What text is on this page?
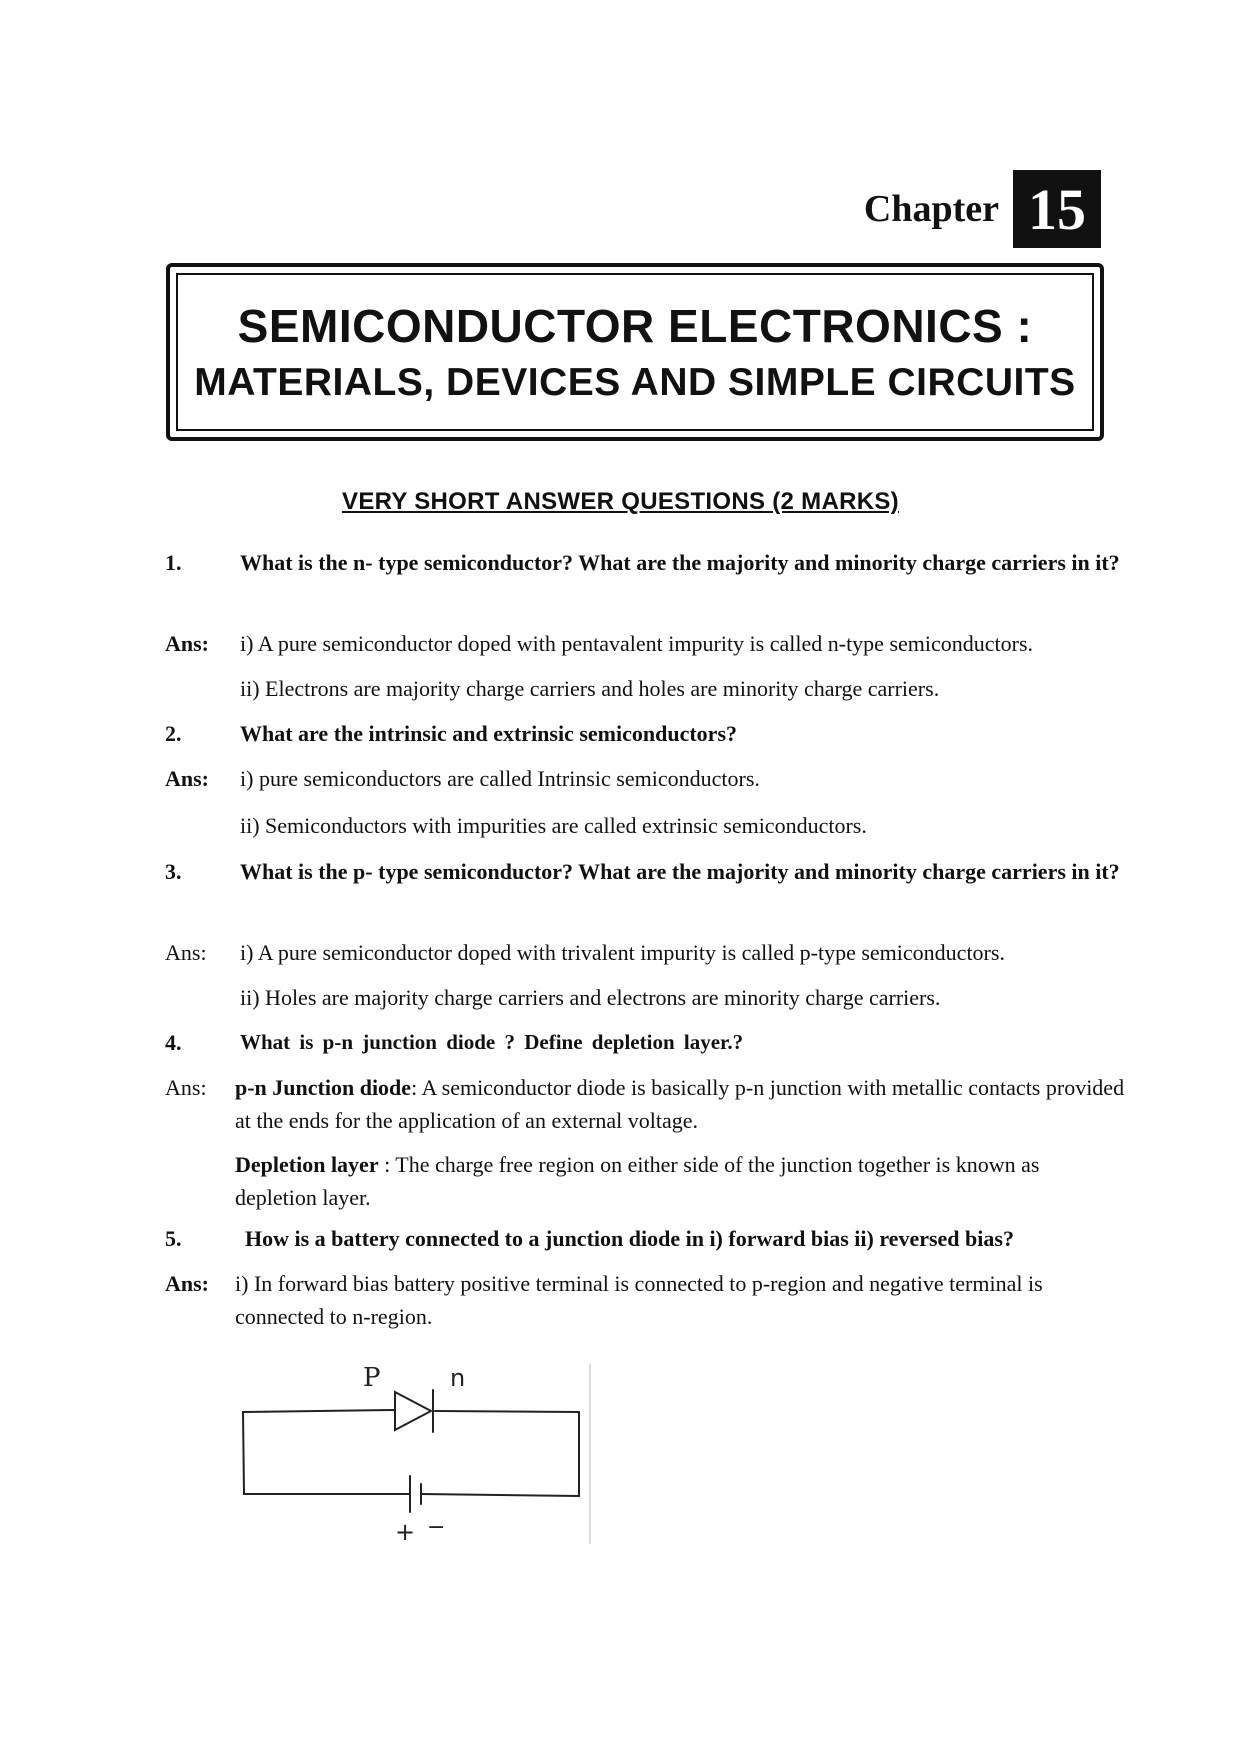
Chapter 15
SEMICONDUCTOR ELECTRONICS :
MATERIALS, DEVICES AND SIMPLE CIRCUITS
VERY SHORT ANSWER QUESTIONS (2 MARKS)
1.	What is the n- type semiconductor? What are the majority and minority charge carriers in it?
Ans: i) A pure semiconductor doped with pentavalent impurity is called n-type semiconductors.
ii) Electrons are majority charge carriers and holes are minority charge carriers.
2.	What are the intrinsic and extrinsic semiconductors?
Ans: i) pure semiconductors are called Intrinsic semiconductors.
ii) Semiconductors with impurities are called extrinsic semiconductors.
3.	What is the p- type semiconductor? What are the majority and minority charge carriers in it?
Ans: i) A pure semiconductor doped with trivalent impurity is called p-type semiconductors.
ii) Holes are majority charge carriers and electrons are minority charge carriers.
4.	What is p-n junction diode ? Define depletion layer.?
Ans: p-n Junction diode: A semiconductor diode is basically p-n junction with metallic contacts provided at the ends for the application of an external voltage.
Depletion layer : The charge free region on either side of the junction together is known as depletion layer.
5.	How is a battery connected to a junction diode in i) forward bias ii) reversed bias?
Ans: i) In forward bias battery positive terminal is connected to p-region and negative terminal is connected to n-region.
P	n
+ −
